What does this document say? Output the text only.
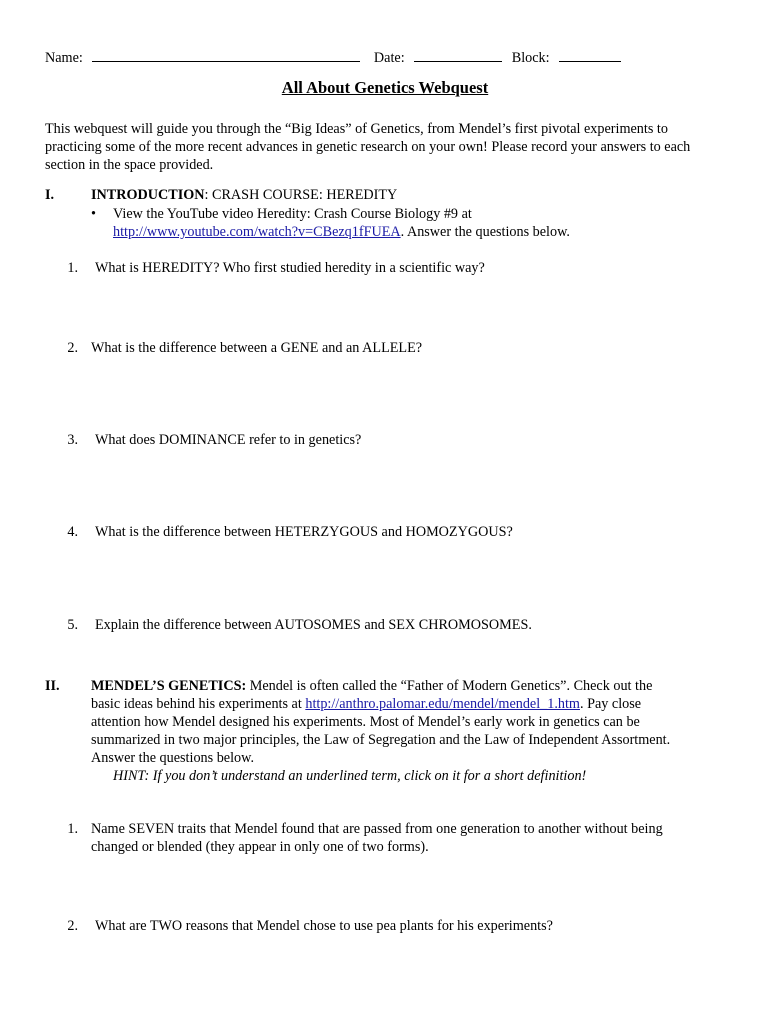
Name:	Date:	Block:
All About Genetics Webquest
This webquest will guide you through the “Big Ideas” of Genetics, from Mendel’s first pivotal experiments to practicing some of the more recent advances in genetic research on your own! Please record your answers to each section in the space provided.
I.	INTRODUCTION: CRASH COURSE: HEREDITY
• View the YouTube video Heredity: Crash Course Biology #9 at
http://www.youtube.com/watch?v=CBezq1fFUEA. Answer the questions below.
1. What is HEREDITY? Who first studied heredity in a scientific way?
2. What is the difference between a GENE and an ALLELE?
3. What does DOMINANCE refer to in genetics?
4. What is the difference between HETERZYGOUS and HOMOZYGOUS?
5. Explain the difference between AUTOSOMES and SEX CHROMOSOMES.
II. MENDEL’S GENETICS: Mendel is often called the “Father of Modern Genetics”. Check out the
basic ideas behind his experiments at http://anthro.palomar.edu/mendel/mendel_1.htm. Pay close
attention how Mendel designed his experiments. Most of Mendel’s early work in genetics can be
summarized in two major principles, the Law of Segregation and the Law of Independent Assortment.
Answer the questions below.
HINT: If you don’t understand an underlined term, click on it for a short definition!
1. Name SEVEN traits that Mendel found that are passed from one generation to another without being
changed or blended (they appear in only one of two forms).
2. What are TWO reasons that Mendel chose to use pea plants for his experiments?
